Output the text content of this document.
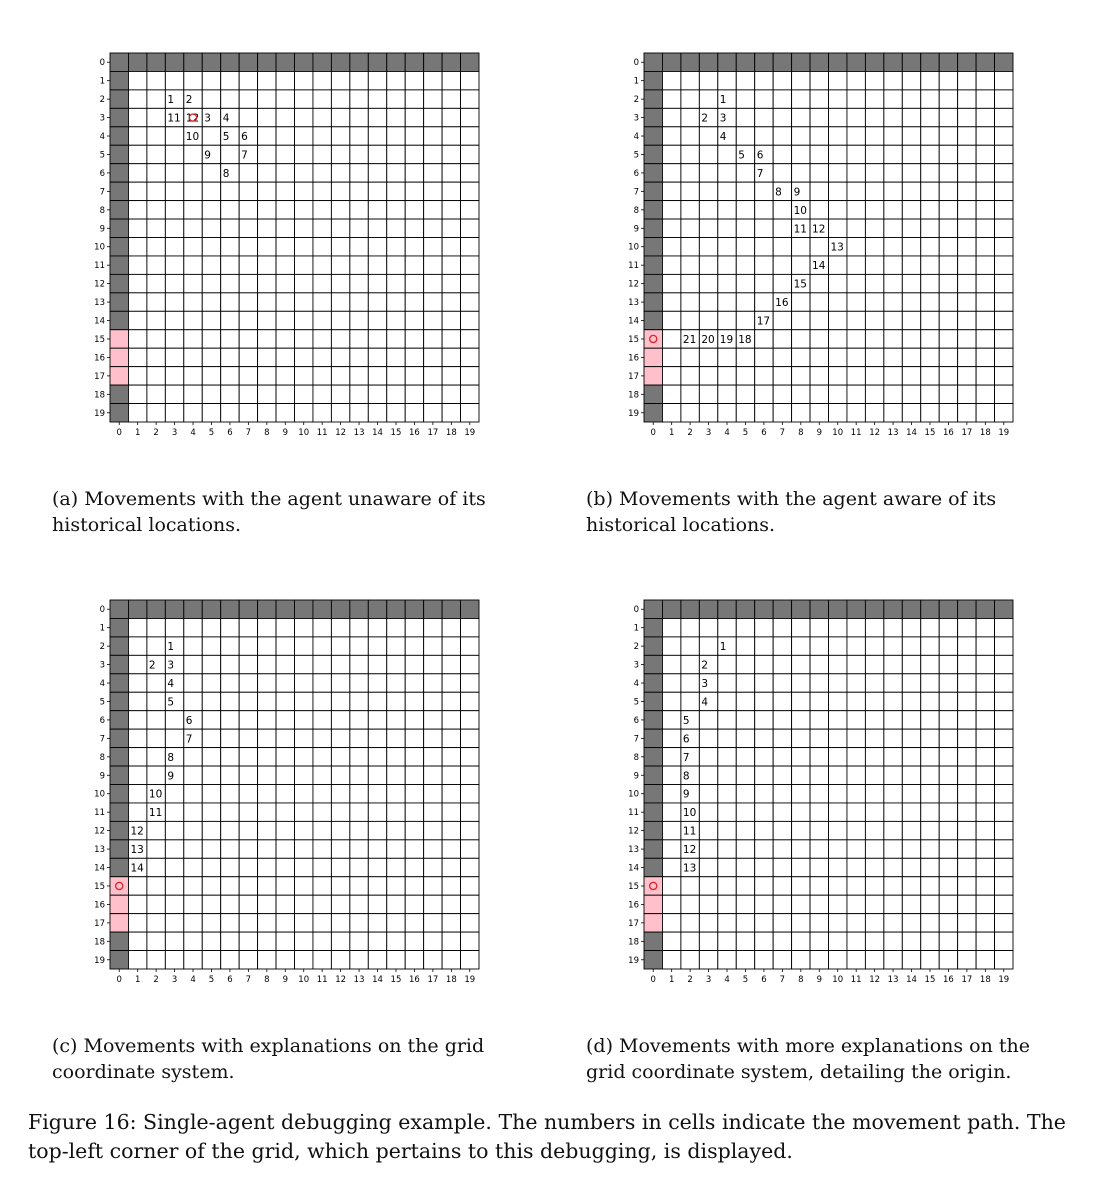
0
0
1
1
2
2
3
3
4
4
5
5
6
6
7
7
8
8
9
9
10
10
11
11
12
12
13
13
14
14
15
15
16
16
17
17
18
18
19
19
1 2
3 4
5 6
7
8
9
10
11 12

(a) Movements with the agent unaware of its historical locations.

0
0
1
1
2
2
3
3
4
4
5
5
6
6
7
7
8
8
9
9
10
10
11
11
12
12
13
13
14
14
15
15
16
16
17
17
18
18
19
19
1
2 3
4
5 6
7
8 9
10
11 12
13
14
15
16
17
18
19
20
21

(b) Movements with the agent aware of its historical locations.

0
0
1
1
2
2
3
3
4
4
5
5
6
6
7
7
8
8
9
9
10
10
11
11
12
12
13
13
14
14
15
15
16
16
17
17
18
18
19
19
1
2 3
4
5
6
7
8
9
10
11
12
13
14

(c) Movements with explanations on the grid coordinate system.

0
0
1
1
2
2
3
3
4
4
5
5
6
6
7
7
8
8
9
9
10
10
11
11
12
12
13
13
14
14
15
15
16
16
17
17
18
18
19
19
1
2
3
4
5
6
7
8
9
10
11
12
13

(d) Movements with more explanations on the grid coordinate system, detailing the origin.

Figure 16: Single-agent debugging example. The numbers in cells indicate the movement path. The top-left corner of the grid, which pertains to this debugging, is displayed.
